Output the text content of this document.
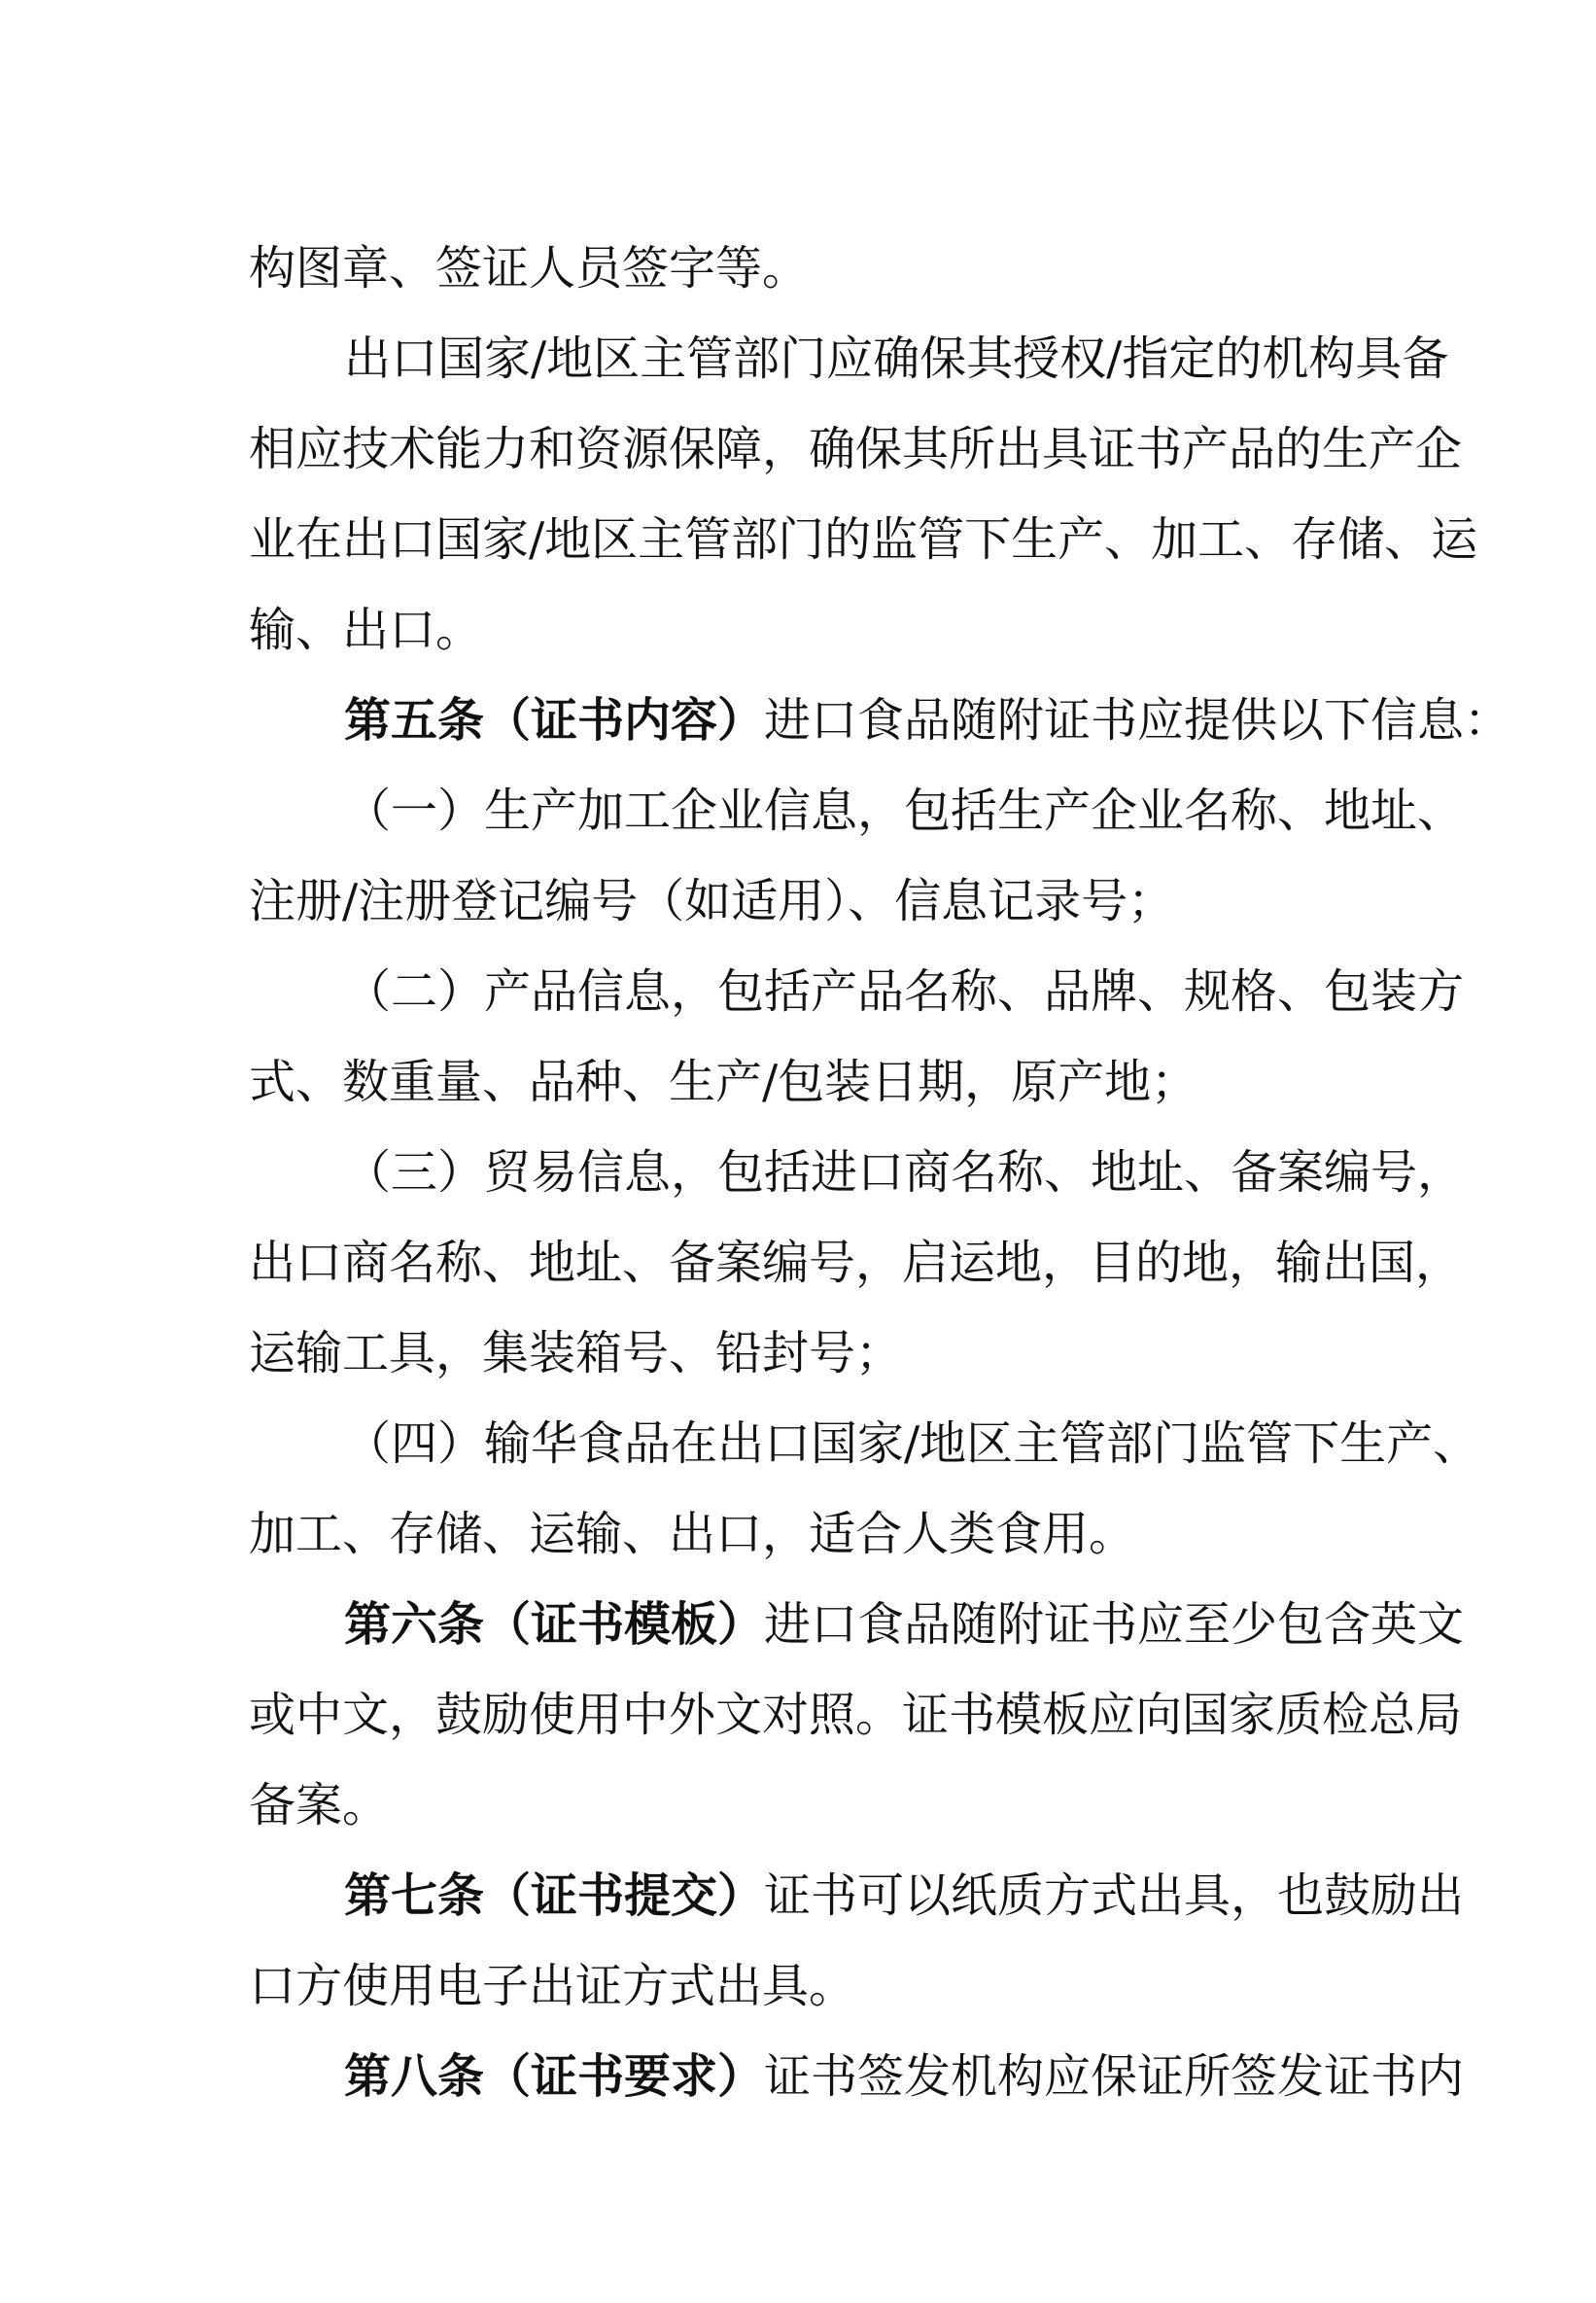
构图章、签证人员签字等。
出口国家/地区主管部门应确保其授权/指定的机构具备
相应技术能力和资源保障，确保其所出具证书产品的生产企
业在出口国家/地区主管部门的监管下生产、加工、存储、运
输、出口。
第五条（证书内容）进口食品随附证书应提供以下信息：
（一）生产加工企业信息，包括生产企业名称、地址、
注册/注册登记编号（如适用）、信息记录号；
（二）产品信息，包括产品名称、品牌、规格、包装方
式、数重量、品种、生产/包装日期，原产地；
（三）贸易信息，包括进口商名称、地址、备案编号，
出口商名称、地址、备案编号，启运地，目的地，输出国，
运输工具，集装箱号、铅封号；
（四）输华食品在出口国家/地区主管部门监管下生产、
加工、存储、运输、出口，适合人类食用。
第六条（证书模板）进口食品随附证书应至少包含英文
或中文，鼓励使用中外文对照。证书模板应向国家质检总局
备案。
第七条（证书提交）证书可以纸质方式出具，也鼓励出
口方使用电子出证方式出具。
第八条（证书要求）证书签发机构应保证所签发证书内
